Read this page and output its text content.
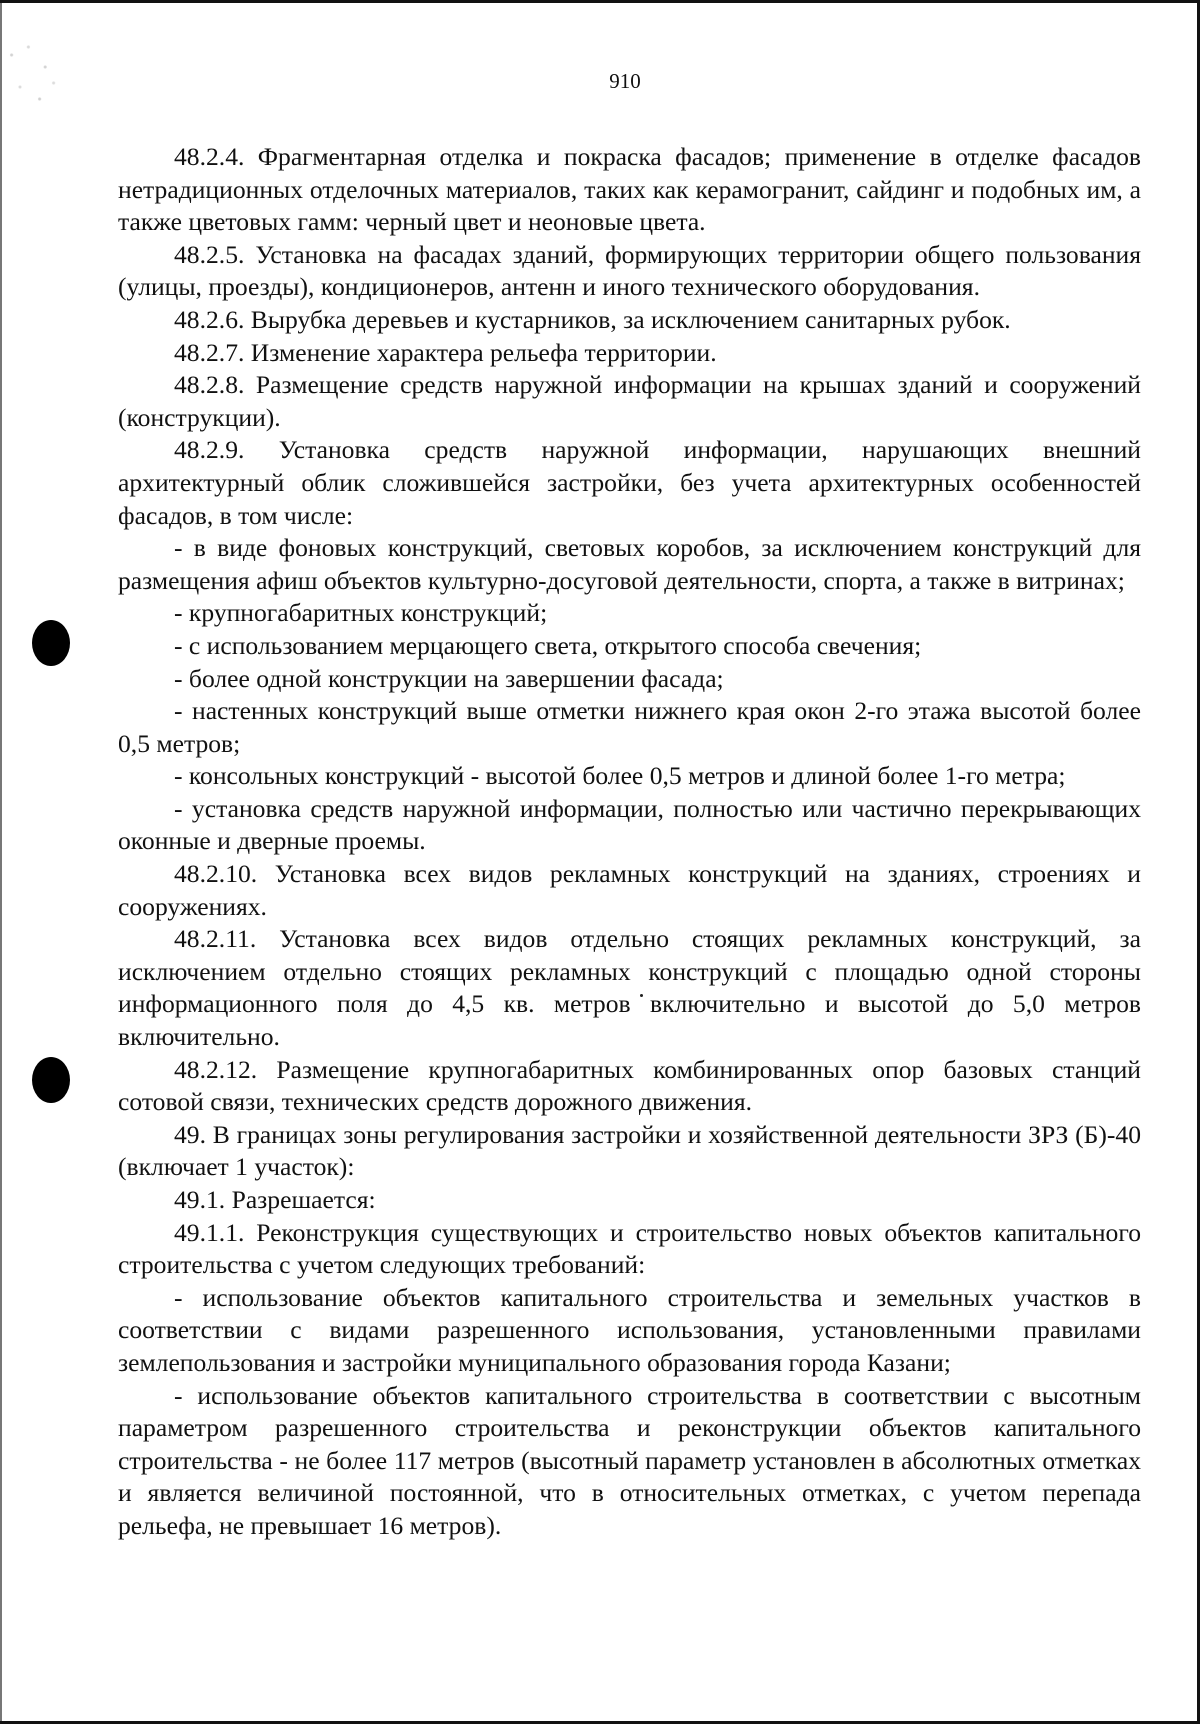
910

48.2.4. Фрагментарная отделка и покраска фасадов; применение в отделке фасадов нетрадиционных отделочных материалов, таких как керамогранит, сайдинг и подобных им, а также цветовых гамм: черный цвет и неоновые цвета.

48.2.5. Установка на фасадах зданий, формирующих территории общего пользования (улицы, проезды), кондиционеров, антенн и иного технического оборудования.

48.2.6. Вырубка деревьев и кустарников, за исключением санитарных рубок.

48.2.7. Изменение характера рельефа территории.

48.2.8. Размещение средств наружной информации на крышах зданий и сооружений (конструкции).

48.2.9. Установка средств наружной информации, нарушающих внешний архитектурный облик сложившейся застройки, без учета архитектурных особенностей фасадов, в том числе:

- в виде фоновых конструкций, световых коробов, за исключением конструкций для размещения афиш объектов культурно-досуговой деятельности, спорта, а также в витринах;

- крупногабаритных конструкций;

- с использованием мерцающего света, открытого способа свечения;

- более одной конструкции на завершении фасада;

- настенных конструкций выше отметки нижнего края окон 2-го этажа высотой более 0,5 метров;

- консольных конструкций - высотой более 0,5 метров и длиной более 1-го метра;

- установка средств наружной информации, полностью или частично перекрывающих оконные и дверные проемы.

48.2.10. Установка всех видов рекламных конструкций на зданиях, строениях и сооружениях.

48.2.11. Установка всех видов отдельно стоящих рекламных конструкций, за исключением отдельно стоящих рекламных конструкций с площадью одной стороны информационного поля до 4,5 кв. метров включительно и высотой до 5,0 метров включительно.

48.2.12. Размещение крупногабаритных комбинированных опор базовых станций сотовой связи, технических средств дорожного движения.

49. В границах зоны регулирования застройки и хозяйственной деятельности ЗРЗ (Б)-40 (включает 1 участок):

49.1. Разрешается:

49.1.1. Реконструкция существующих и строительство новых объектов капитального строительства с учетом следующих требований:

- использование объектов капитального строительства и земельных участков в соответствии с видами разрешенного использования, установленными правилами землепользования и застройки муниципального образования города Казани;

- использование объектов капитального строительства в соответствии с высотным параметром разрешенного строительства и реконструкции объектов капитального строительства - не более 117 метров (высотный параметр установлен в абсолютных отметках и является величиной постоянной, что в относительных отметках, с учетом перепада рельефа, не превышает 16 метров).
